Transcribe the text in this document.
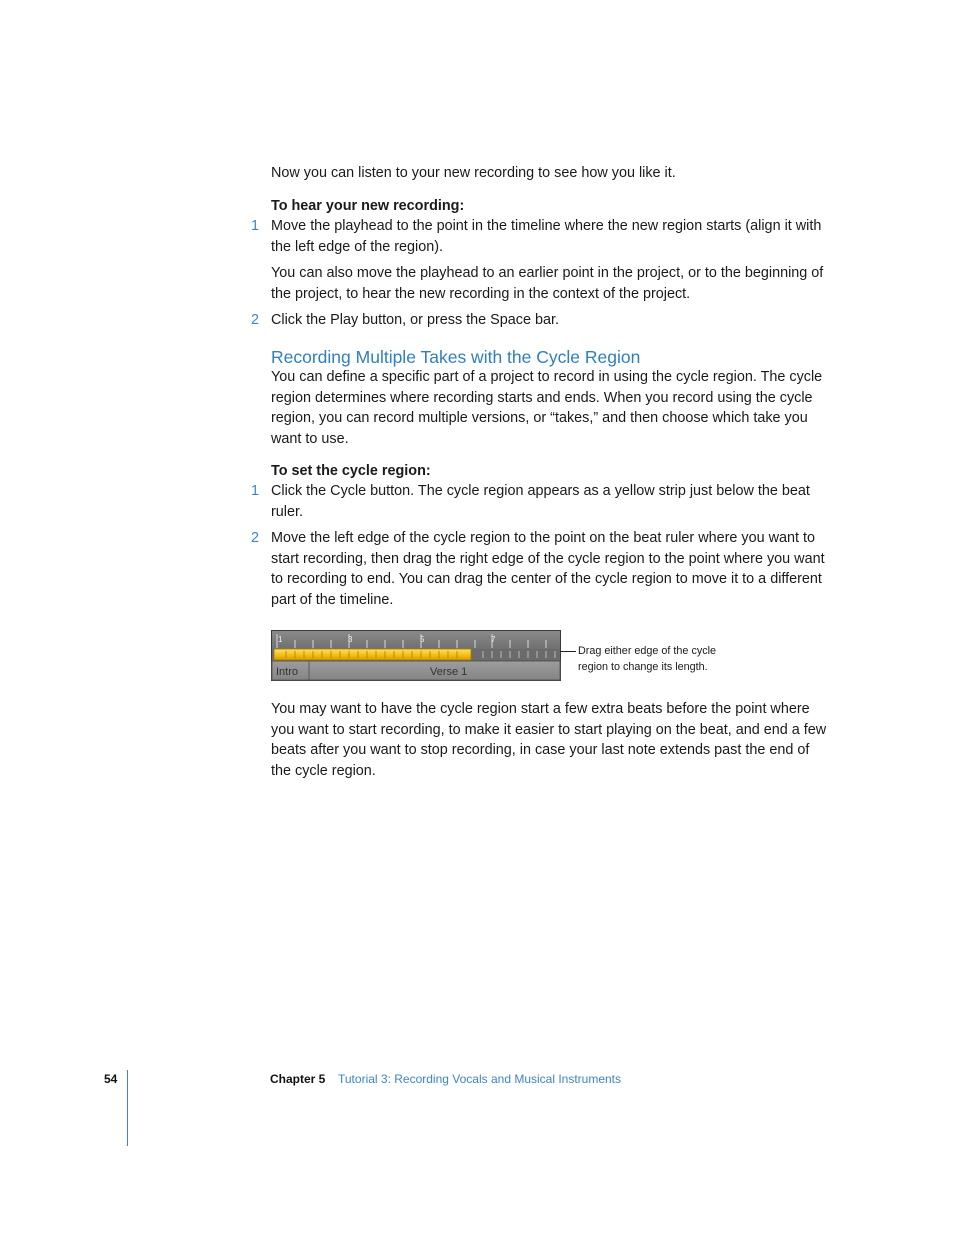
Now you can listen to your new recording to see how you like it.

To hear your new recording:

1 Move the playhead to the point in the timeline where the new region starts (align it with the left edge of the region).

You can also move the playhead to an earlier point in the project, or to the beginning of the project, to hear the new recording in the context of the project.

2 Click the Play button, or press the Space bar.

Recording Multiple Takes with the Cycle Region

You can define a specific part of a project to record in using the cycle region. The cycle region determines where recording starts and ends. When you record using the cycle region, you can record multiple versions, or “takes,” and then choose which take you want to use.

To set the cycle region:

1 Click the Cycle button. The cycle region appears as a yellow strip just below the beat ruler.

2 Move the left edge of the cycle region to the point on the beat ruler where you want to start recording, then drag the right edge of the cycle region to the point where you want to recording to end. You can drag the center of the cycle region to move it to a different part of the timeline.

1	3	5	7
Intro	Verse 1
Drag either edge of the cycle region to change its length.

You may want to have the cycle region start a few extra beats before the point where you want to start recording, to make it easier to start playing on the beat, and end a few beats after you want to stop recording, in case your last note extends past the end of the cycle region.

54	Chapter 5 Tutorial 3: Recording Vocals and Musical Instruments
